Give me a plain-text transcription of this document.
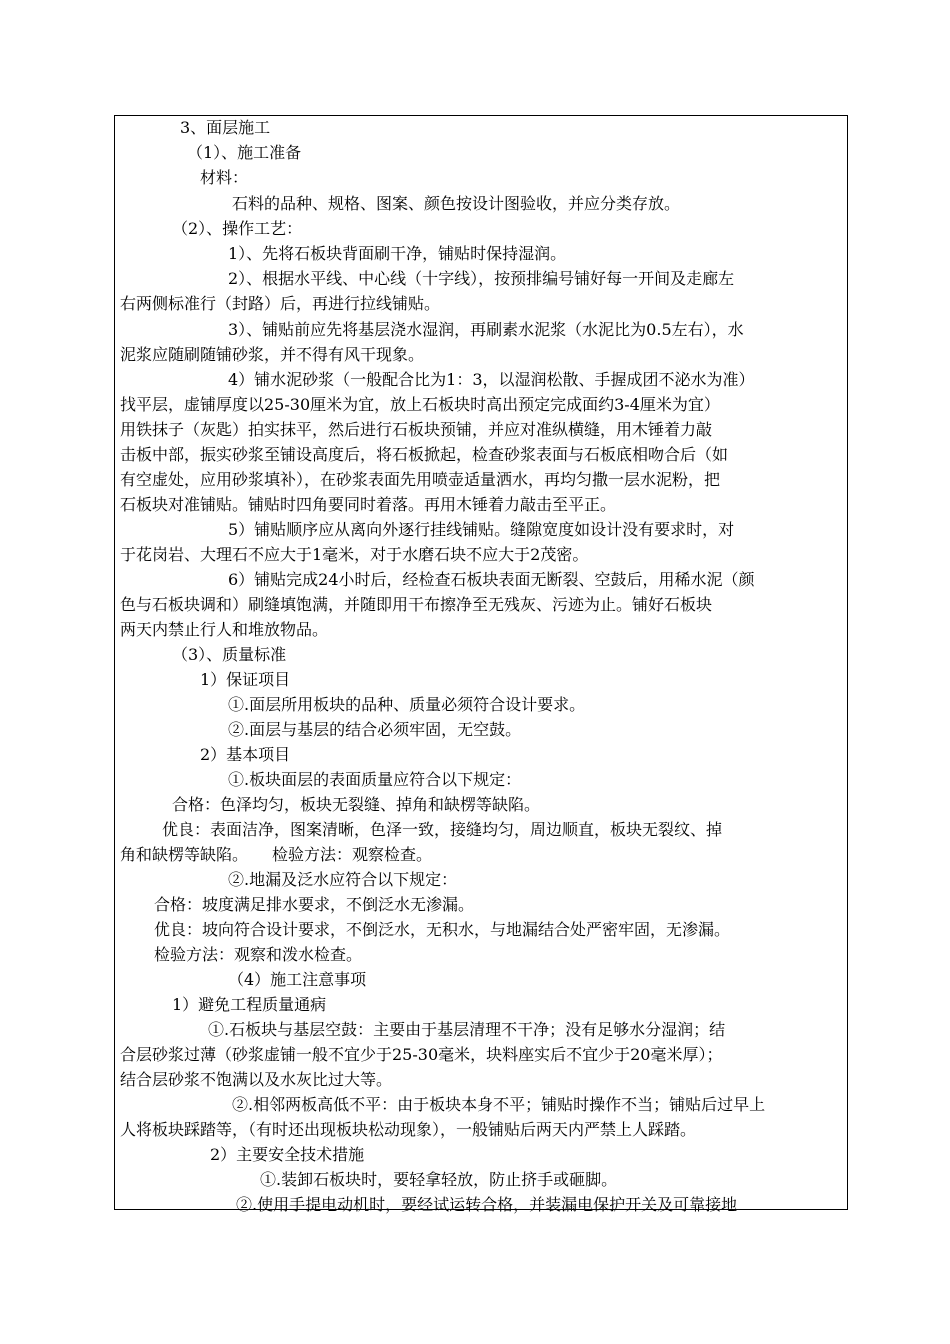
3、面层施工
（1）、施工准备
材料：
石料的品种、规格、图案、颜色按设计图验收，并应分类存放。
（2）、操作工艺：
1）、先将石板块背面刷干净，铺贴时保持湿润。
2）、根据水平线、中心线（十字线），按预排编号铺好每一开间及走廊左
右两侧标准行（封路）后，再进行拉线铺贴。
3）、铺贴前应先将基层浇水湿润，再刷素水泥浆（水泥比为0.5左右），水
泥浆应随刷随铺砂浆，并不得有风干现象。
4）铺水泥砂浆（一般配合比为1：3，以湿润松散、手握成团不泌水为准）
找平层，虚铺厚度以25-30厘米为宜，放上石板块时高出预定完成面约3-4厘米为宜）
用铁抹子（灰匙）拍实抹平，然后进行石板块预铺，并应对准纵横缝，用木锤着力敲
击板中部，振实砂浆至铺设高度后，将石板掀起，检查砂浆表面与石板底相吻合后（如
有空虚处，应用砂浆填补），在砂浆表面先用喷壶适量洒水，再均匀撒一层水泥粉，把
石板块对准铺贴。铺贴时四角要同时着落。再用木锤着力敲击至平正。
5）铺贴顺序应从离向外逐行挂线铺贴。缝隙宽度如设计没有要求时，对
于花岗岩、大理石不应大于1毫米，对于水磨石块不应大于2茂密。
6）铺贴完成24小时后，经检查石板块表面无断裂、空鼓后，用稀水泥（颜
色与石板块调和）刷缝填饱满，并随即用干布擦净至无残灰、污迹为止。铺好石板块
两天内禁止行人和堆放物品。
（3）、质量标准
1）保证项目
①.面层所用板块的品种、质量必须符合设计要求。
②.面层与基层的结合必须牢固，无空鼓。
2）基本项目
①.板块面层的表面质量应符合以下规定：
合格：色泽均匀，板块无裂缝、掉角和缺楞等缺陷。
优良：表面洁净，图案清晰，色泽一致，接缝均匀，周边顺直，板块无裂纹、掉
角和缺楞等缺陷。　　检验方法：观察检查。
②.地漏及泛水应符合以下规定：
合格：坡度满足排水要求，不倒泛水无渗漏。
优良：坡向符合设计要求，不倒泛水，无积水，与地漏结合处严密牢固，无渗漏。
检验方法：观察和泼水检查。
（4）施工注意事项
1）避免工程质量通病
①.石板块与基层空鼓：主要由于基层清理不干净；没有足够水分湿润；结
合层砂浆过薄（砂浆虚铺一般不宜少于25-30毫米，块料座实后不宜少于20毫米厚）；
结合层砂浆不饱满以及水灰比过大等。
②.相邻两板高低不平：由于板块本身不平；铺贴时操作不当；铺贴后过早上
人将板块踩踏等，（有时还出现板块松动现象），一般铺贴后两天内严禁上人踩踏。
2）主要安全技术措施
①.装卸石板块时，要轻拿轻放，防止挤手或砸脚。
②.使用手提电动机时，要经试运转合格，并装漏电保护开关及可靠接地
